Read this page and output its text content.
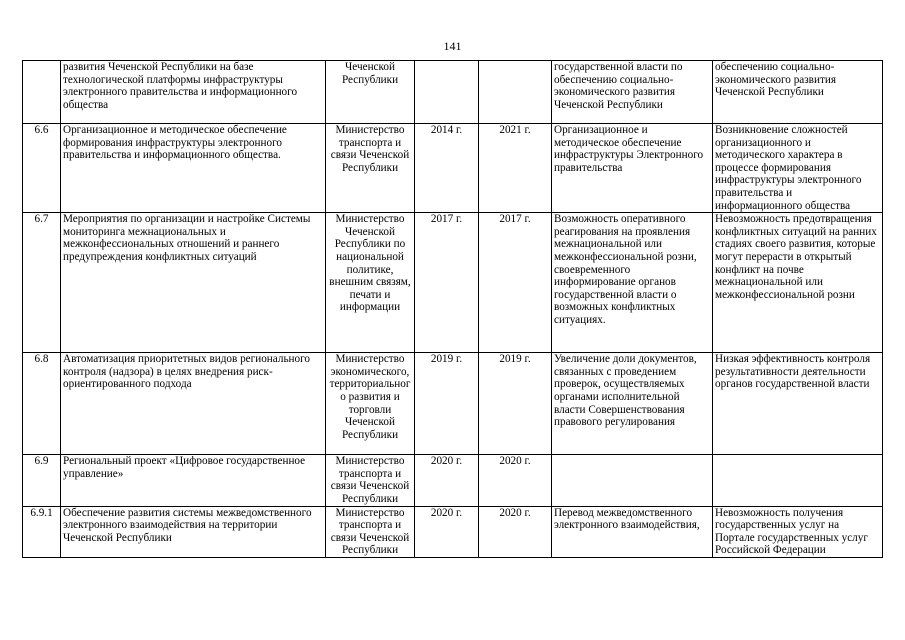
141
	развития Чеченской Республики на базе технологической платформы инфраструктуры электронного правительства и информационного общества	Чеченской Республики			государственной власти по обеспечению социально-экономического развития Чеченской Республики	обеспечению социально-экономического развития Чеченской Республики
6.6	Организационное и методическое обеспечение формирования инфраструктуры электронного правительства и информационного общества.	Министерство транспорта и связи Чеченской Республики	2014 г.	2021 г.	Организационное и методическое обеспечение инфраструктуры Электронного правительства	Возникновение сложностей организационного и методического характера в процессе формирования инфраструктуры электронного правительства и информационного общества
6.7	Мероприятия по организации и настройке Системы мониторинга межнациональных и межконфессиональных отношений и раннего предупреждения конфликтных ситуаций	Министерство Чеченской Республики по национальной политике, внешним связям, печати и информации	2017 г.	2017 г.	Возможность оперативного реагирования на проявления межнациональной или межконфессиональной розни, своевременного информирование органов государственной власти о возможных конфликтных ситуациях.	Невозможность предотвращения конфликтных ситуаций на ранних стадиях своего развития, которые могут перерасти в открытый конфликт на почве межнациональной или межконфессиональной розни
6.8	Автоматизация приоритетных видов регионального контроля (надзора) в целях внедрения риск-ориентированного подхода	Министерство экономического, территориального развития и торговли Чеченской Республики	2019 г.	2019 г.	Увеличение доли документов, связанных с проведением проверок, осуществляемых органами исполнительной власти Совершенствования правового регулирования	Низкая эффективность контроля результативности деятельности органов государственной власти
6.9	Региональный проект «Цифровое государственное управление»	Министерство транспорта и связи Чеченской Республики	2020 г.	2020 г.		
6.9.1	Обеспечение развития системы межведомственного электронного взаимодействия на территории Чеченской Республики	Министерство транспорта и связи Чеченской Республики	2020 г.	2020 г.	Перевод межведомственного электронного взаимодействия,	Невозможность получения государственных услуг на Портале государственных услуг Российской Федерации
